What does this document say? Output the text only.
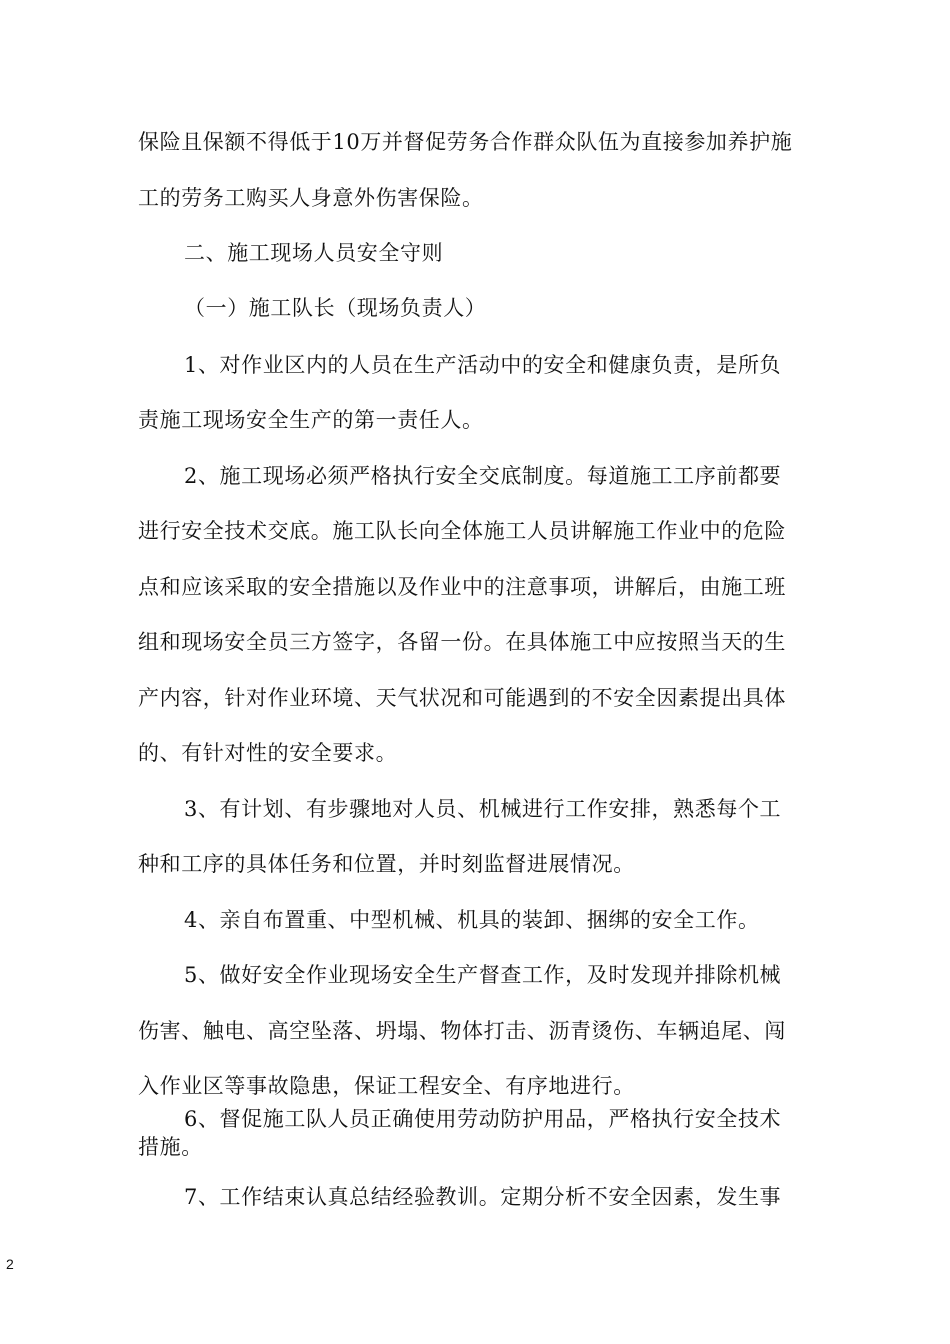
保险且保额不得低于10万并督促劳务合作群众队伍为直接参加养护施
工的劳务工购买人身意外伤害保险。
二、施工现场人员安全守则
（一）施工队长（现场负责人）
1、对作业区内的人员在生产活动中的安全和健康负责，是所负
责施工现场安全生产的第一责任人。
2、施工现场必须严格执行安全交底制度。每道施工工序前都要
进行安全技术交底。施工队长向全体施工人员讲解施工作业中的危险
点和应该采取的安全措施以及作业中的注意事项，讲解后，由施工班
组和现场安全员三方签字，各留一份。在具体施工中应按照当天的生
产内容，针对作业环境、天气状况和可能遇到的不安全因素提出具体
的、有针对性的安全要求。
3、有计划、有步骤地对人员、机械进行工作安排，熟悉每个工
种和工序的具体任务和位置，并时刻监督进展情况。
4、亲自布置重、中型机械、机具的装卸、捆绑的安全工作。
5、做好安全作业现场安全生产督查工作，及时发现并排除机械
伤害、触电、高空坠落、坍塌、物体打击、沥青烫伤、车辆追尾、闯
入作业区等事故隐患，保证工程安全、有序地进行。
6、督促施工队人员正确使用劳动防护用品，严格执行安全技术
措施。
7、工作结束认真总结经验教训。定期分析不安全因素，发生事
2
